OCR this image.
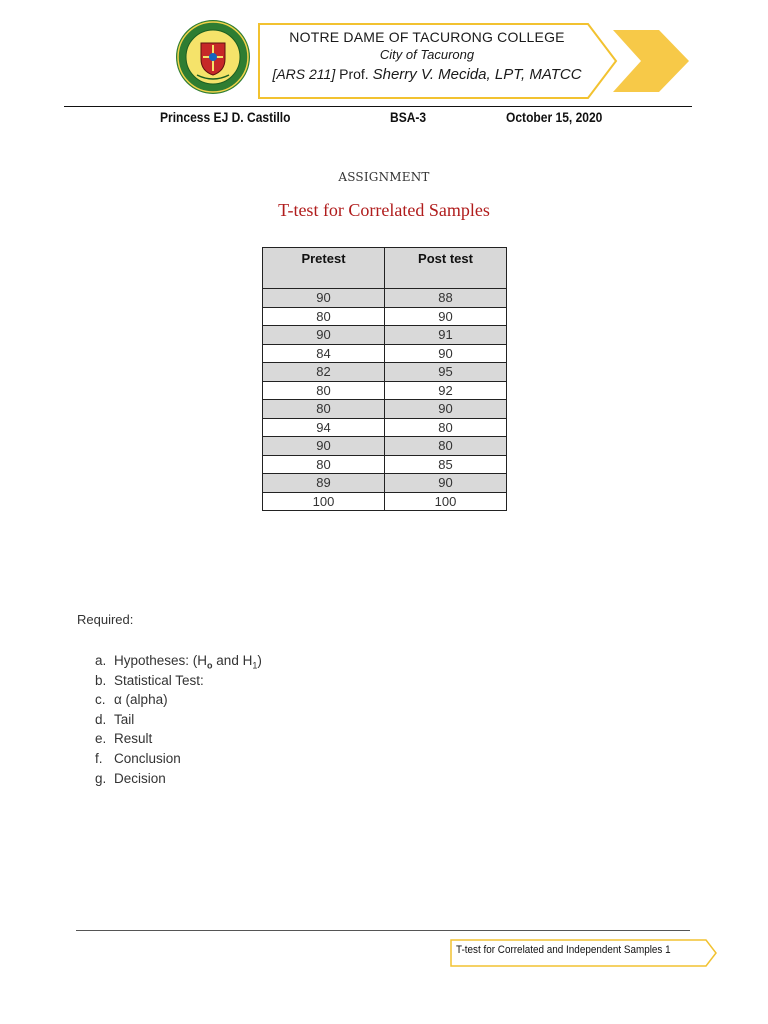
NOTRE DAME OF TACURONG COLLEGE
City of Tacurong
[ARS 211] Prof. Sherry V. Mecida, LPT, MATCC
Princess EJ D. Castillo	BSA-3	October 15, 2020
ASSIGNMENT
T-test for Correlated Samples
Pretest	Post test
90	88
80	90
90	91
84	90
82	95
80	92
80	90
94	80
90	80
80	85
89	90
100	100
Required:
a. Hypotheses: ($H_o$ and $H_1$)
b. Statistical Test:
c. α (alpha)
d. Tail
e. Result
f. Conclusion
g. Decision
T-test for Correlated and Independent Samples 1
